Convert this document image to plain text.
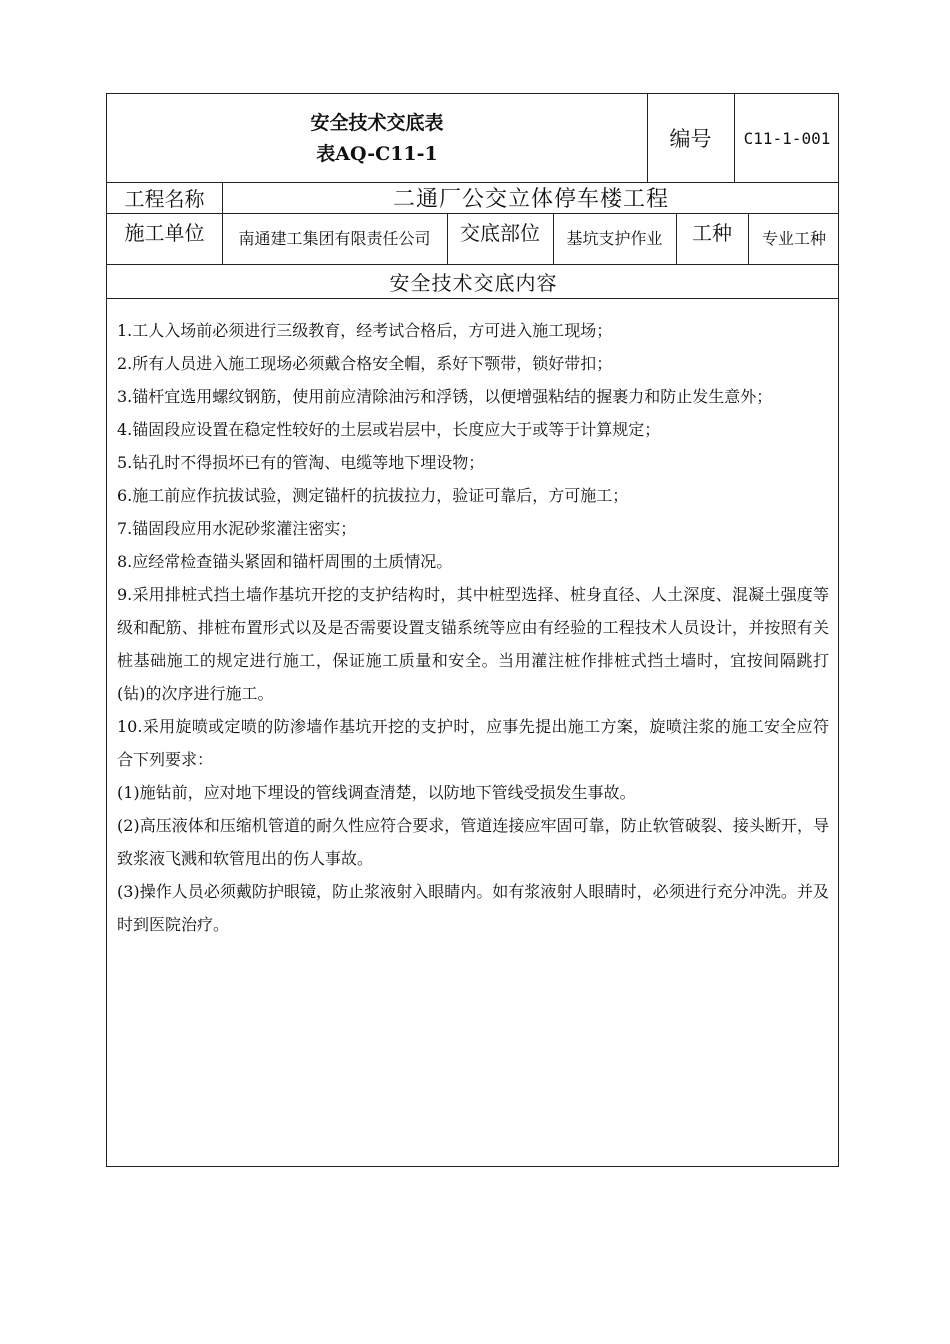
安全技术交底表
表AQ-C11-1
编号	C11-1-001
工程名称	二通厂公交立体停车楼工程
施工单位	南通建工集团有限责任公司	交底部位	基坑支护作业	工种	专业工种
安全技术交底内容

1.工人入场前必须进行三级教育，经考试合格后，方可进入施工现场；

2.所有人员进入施工现场必须戴合格安全帽，系好下颚带，锁好带扣；

3.锚杆宜选用螺纹钢筋，使用前应清除油污和浮锈，以便增强粘结的握裹力和防止发生意外；

4.锚固段应设置在稳定性较好的土层或岩层中，长度应大于或等于计算规定；

5.钻孔时不得损坏已有的管淘、电缆等地下埋设物；

6.施工前应作抗拔试验，测定锚杆的抗拔拉力，验证可靠后，方可施工；

7.锚固段应用水泥砂浆灌注密实；

8.应经常检查锚头紧固和锚杆周围的土质情况。

9.采用排桩式挡土墙作基坑开挖的支护结构时，其中桩型选择、桩身直径、人土深度、混凝土强度等级和配筋、排桩布置形式以及是否需要设置支锚系统等应由有经验的工程技术人员设计，并按照有关桩基础施工的规定进行施工，保证施工质量和安全。当用灌注桩作排桩式挡土墙时，宜按间隔跳打(钻)的次序进行施工。

10.采用旋喷或定喷的防渗墙作基坑开挖的支护时，应事先提出施工方案，旋喷注浆的施工安全应符合下列要求：

(1)施钻前，应对地下埋设的管线调查清楚，以防地下管线受损发生事故。

(2)高压液体和压缩机管道的耐久性应符合要求，管道连接应牢固可靠，防止软管破裂、接头断开，导致浆液飞溅和软管甩出的伤人事故。

(3)操作人员必须戴防护眼镜，防止浆液射入眼睛内。如有浆液射人眼睛时，必须进行充分冲洗。并及时到医院治疗。
